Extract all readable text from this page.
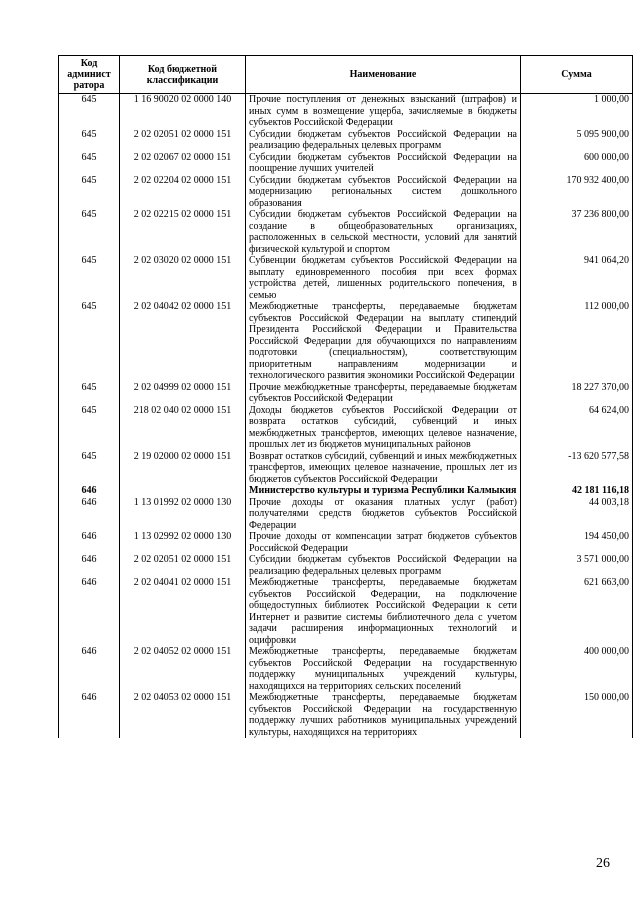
Код админист ратора	Код бюджетной классификации	Наименование	Сумма
645	1 16 90020 02 0000 140	Прочие поступления от денежных взысканий (штрафов) и иных сумм в возмещение ущерба, зачисляемые в бюджеты субъектов Российской Федерации	1 000,00
645	2 02 02051 02 0000 151	Субсидии бюджетам субъектов Российской Федерации на реализацию федеральных целевых программ	5 095 900,00
645	2 02 02067 02 0000 151	Субсидии бюджетам субъектов Российской Федерации на поощрение лучших учителей	600 000,00
645	2 02 02204 02 0000 151	Субсидии бюджетам субъектов Российской Федерации на модернизацию региональных систем дошкольного образования	170 932 400,00
645	2 02 02215 02 0000 151	Субсидии бюджетам субъектов Российской Федерации на создание в общеобразовательных организациях, расположенных в сельской местности, условий для занятий физической культурой и спортом	37 236 800,00
645	2 02 03020 02 0000 151	Субвенции бюджетам субъектов Российской Федерации на выплату единовременного пособия при всех формах устройства детей, лишенных родительского попечения, в семью	941 064,20
645	2 02 04042 02 0000 151	Межбюджетные трансферты, передаваемые бюджетам субъектов Российской Федерации на выплату стипендий Президента Российской Федерации и Правительства Российской Федерации для обучающихся по направлениям подготовки (специальностям), соответствующим приоритетным направлениям модернизации и технологического развития экономики Российской Федерации	112 000,00
645	2 02 04999 02 0000 151	Прочие межбюджетные трансферты, передаваемые бюджетам субъектов Российской Федерации	18 227 370,00
645	218 02 040 02 0000 151	Доходы бюджетов субъектов Российской Федерации от возврата остатков субсидий, субвенций и иных межбюджетных трансфертов, имеющих целевое назначение, прошлых лет из бюджетов муниципальных районов	64 624,00
645	2 19 02000 02 0000 151	Возврат остатков субсидий, субвенций и иных межбюджетных трансфертов, имеющих целевое назначение, прошлых лет из бюджетов субъектов Российской Федерации	-13 620 577,58
646		Министерство культуры и туризма Республики Калмыкия	42 181 116,18
646	1 13 01992 02 0000 130	Прочие доходы от оказания платных услуг (работ) получателями средств бюджетов субъектов Российской Федерации	44 003,18
646	1 13 02992 02 0000 130	Прочие доходы от компенсации затрат бюджетов субъектов Российской Федерации	194 450,00
646	2 02 02051 02 0000 151	Субсидии бюджетам субъектов Российской Федерации на реализацию федеральных целевых программ	3 571 000,00
646	2 02 04041 02 0000 151	Межбюджетные трансферты, передаваемые бюджетам субъектов Российской Федерации, на подключение общедоступных библиотек Российской Федерации к сети Интернет и развитие системы библиотечного дела с учетом задачи расширения информационных технологий и оцифровки	621 663,00
646	2 02 04052 02 0000 151	Межбюджетные трансферты, передаваемые бюджетам субъектов Российской Федерации на государственную поддержку муниципальных учреждений культуры, находящихся на территориях сельских поселений	400 000,00
646	2 02 04053 02 0000 151	Межбюджетные трансферты, передаваемые бюджетам субъектов Российской Федерации на государственную поддержку лучших работников муниципальных учреждений культуры, находящихся на территориях	150 000,00
26
